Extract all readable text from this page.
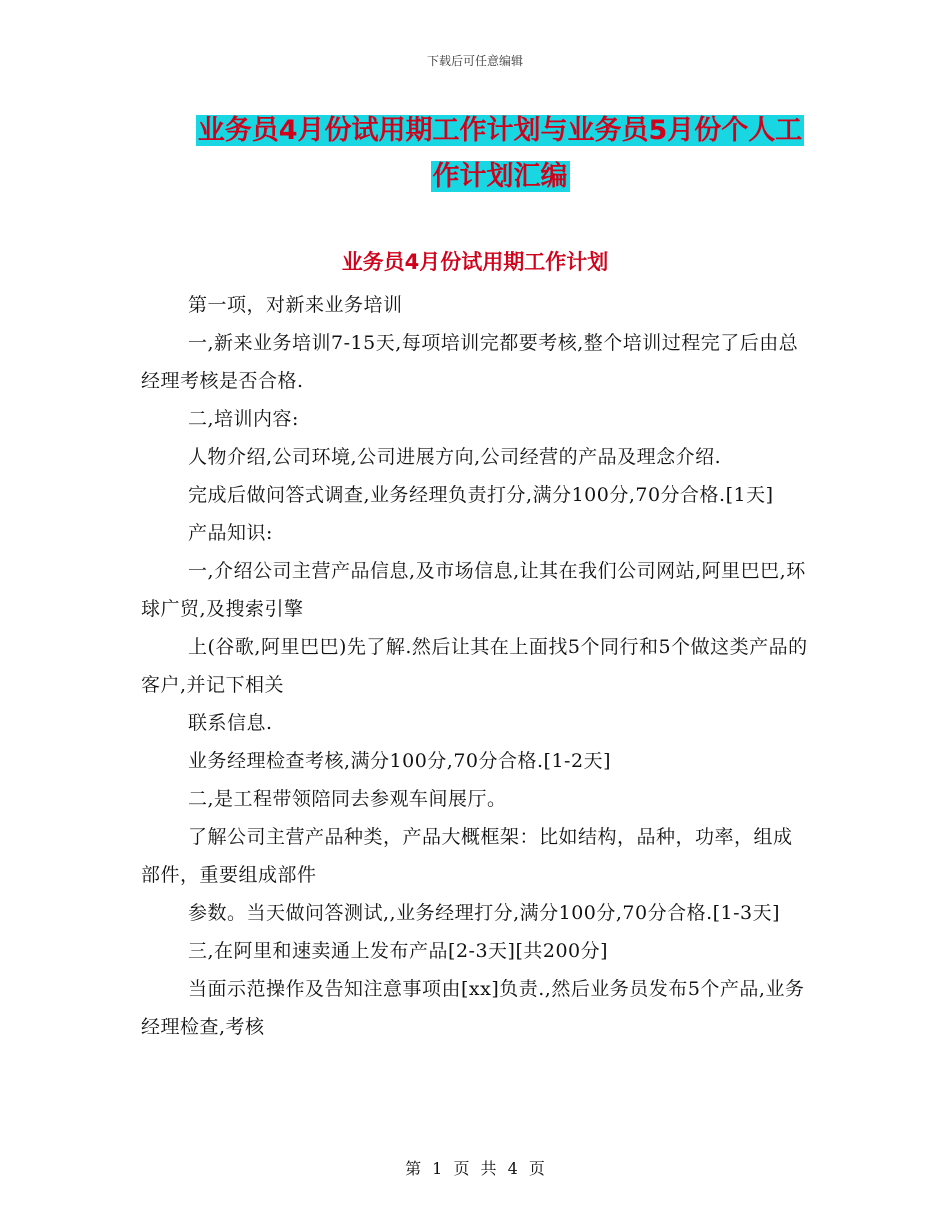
下载后可任意编辑
业务员4月份试用期工作计划与业务员5月份个人工
作计划汇编
业务员4月份试用期工作计划

第一项，对新来业务培训

一,新来业务培训7-15天,每项培训完都要考核,整个培训过程完了后由总经理考核是否合格.

二,培训内容:

人物介绍,公司环境,公司进展方向,公司经营的产品及理念介绍.

完成后做问答式调查,业务经理负责打分,满分100分,70分合格.[1天]

产品知识:

一,介绍公司主营产品信息,及市场信息,让其在我们公司网站,阿里巴巴,环球广贸,及搜索引擎

上(谷歌,阿里巴巴)先了解.然后让其在上面找5个同行和5个做这类产品的客户,并记下相关

联系信息.

业务经理检查考核,满分100分,70分合格.[1-2天]

二,是工程带领陪同去参观车间展厅。

了解公司主营产品种类，产品大概框架：比如结构，品种，功率，组成部件，重要组成部件

参数。当天做问答测试,,业务经理打分,满分100分,70分合格.[1-3天]

三,在阿里和速卖通上发布产品[2-3天][共200分]

当面示范操作及告知注意事项由[xx]负责.,然后业务员发布5个产品,业务经理检查,考核

第 1 页 共 4 页
